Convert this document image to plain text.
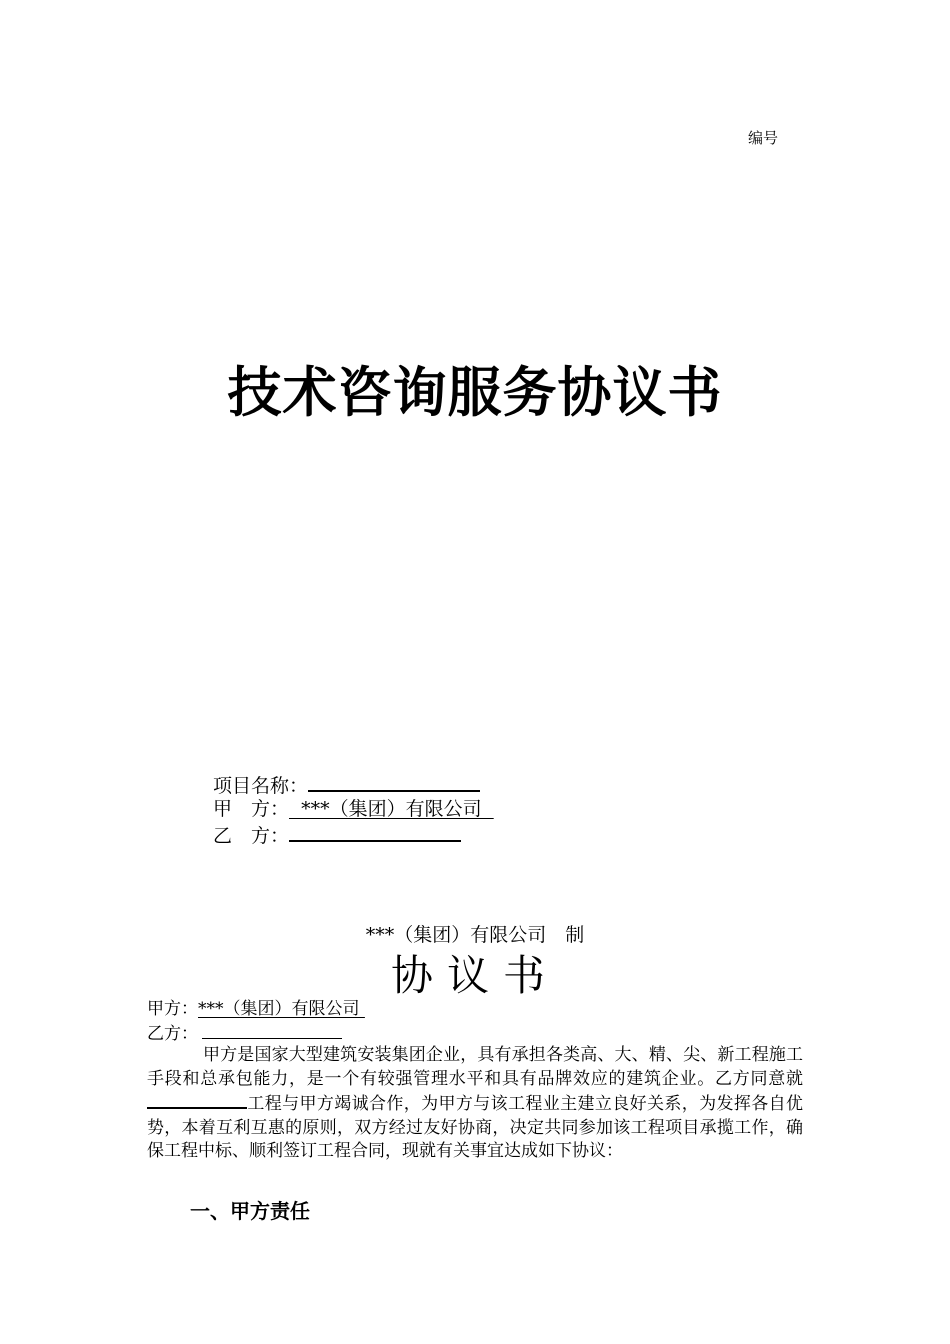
编号
技术咨询服务协议书
项目名称：
甲　方：  ***（集团）有限公司
乙　方：
***（集团）有限公司　制
协议书
甲方：***（集团）有限公司
乙方：

甲方是国家大型建筑安装集团企业，具有承担各类高、大、精、尖、新工程施工手段和总承包能力，是一个有较强管理水平和具有品牌效应的建筑企业。乙方同意就工程与甲方竭诚合作，为甲方与该工程业主建立良好关系，为发挥各自优势，本着互利互惠的原则，双方经过友好协商，决定共同参加该工程项目承揽工作，确保工程中标、顺利签订工程合同，现就有关事宜达成如下协议：

一、甲方责任
